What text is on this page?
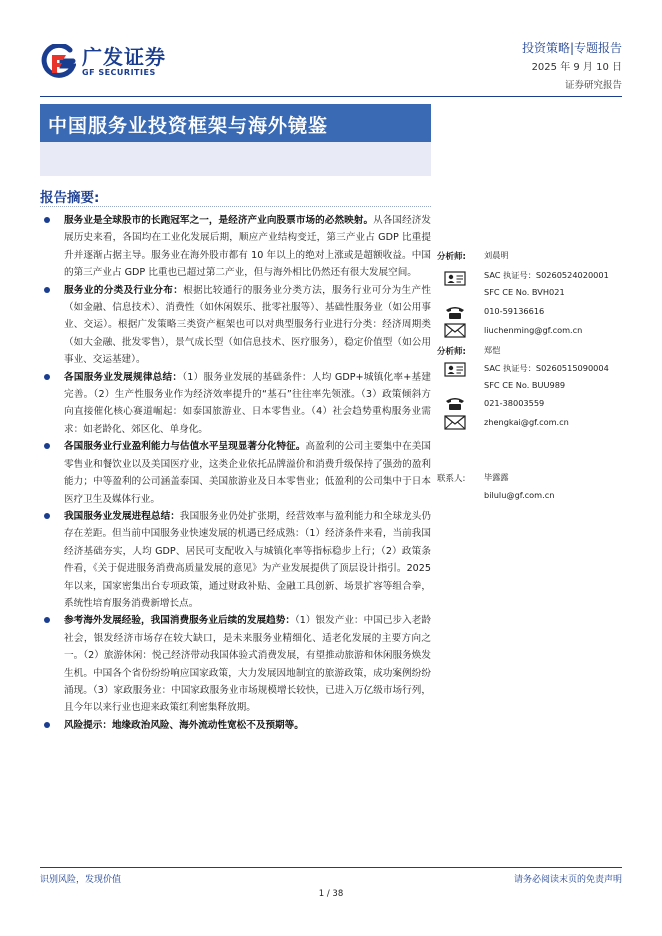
广发证券
GF SECURITIES
投资策略|专题报告
2025 年 9 月 10 日
证券研究报告
中国服务业投资框架与海外镜鉴
报告摘要:
服务业是全球股市的长跑冠军之一，是经济产业向股票市场的必然映射。从各国经济发展历史来看，各国均在工业化发展后期，顺应产业结构变迁，第三产业占 GDP 比重提升并逐渐占据主导。服务业在海外股市都有 10 年以上的绝对上涨或是超额收益。中国的第三产业占 GDP 比重也已超过第二产业，但与海外相比仍然还有很大发展空间。
服务业的分类及行业分布：根据比较通行的服务业分类方法，服务行业可分为生产性（如金融、信息技术）、消费性（如休闲娱乐、批零社服等）、基础性服务业（如公用事业、交运）。根据广发策略三类资产框架也可以对典型服务行业进行分类：经济周期类（如大金融、批发零售），景气成长型（如信息技术、医疗服务），稳定价值型（如公用事业、交运基建）。
各国服务业发展规律总结：（1）服务业发展的基础条件：人均 GDP+城镇化率+基建完善。（2）生产性服务业作为经济效率提升的“基石”往往率先领涨。（3）政策倾斜方向直接催化核心赛道崛起：如泰国旅游业、日本零售业。（4）社会趋势重构服务业需求：如老龄化、郊区化、单身化。
各国服务业行业盈利能力与估值水平呈现显著分化特征。高盈利的公司主要集中在美国零售业和餐饮业以及美国医疗业，这类企业依托品牌溢价和消费升级保持了强劲的盈利能力；中等盈利的公司涵盖泰国、美国旅游业及日本零售业；低盈利的公司集中于日本医疗卫生及媒体行业。
我国服务业发展进程总结：我国服务业仍处扩张期，经营效率与盈利能力和全球龙头仍存在差距。但当前中国服务业快速发展的机遇已经成熟：（1）经济条件来看，当前我国经济基础夯实，人均 GDP、居民可支配收入与城镇化率等指标稳步上行；（2）政策条件看，《关于促进服务消费高质量发展的意见》为产业发展提供了顶层设计指引。2025 年以来，国家密集出台专项政策，通过财政补贴、金融工具创新、场景扩容等组合拳，系统性培育服务消费新增长点。
参考海外发展经验，我国消费服务业后续的发展趋势：（1）银发产业：中国已步入老龄社会，银发经济市场存在较大缺口，是未来服务业精细化、适老化发展的主要方向之一。（2）旅游休闲：悦己经济带动我国体验式消费发展，有望推动旅游和休闲服务焕发生机。中国各个省份纷纷响应国家政策，大力发展因地制宜的旅游政策，成功案例纷纷涌现。（3）家政服务业：中国家政服务业市场规模增长较快，已进入万亿级市场行列，且今年以来行业也迎来政策红利密集释放期。
风险提示：地缘政治风险、海外流动性宽松不及预期等。
分析师: 刘晨明
SAC 执证号：S0260524020001
SFC CE No. BVH021
010-59136616
liuchenming@gf.com.cn
分析师: 郑恺
SAC 执证号：S0260515090004
SFC CE No. BUU989
021-38003559
zhengkai@gf.com.cn
联系人: 毕露露
bilulu@gf.com.cn
识别风险，发现价值	请务必阅读末页的免责声明
1 / 38
